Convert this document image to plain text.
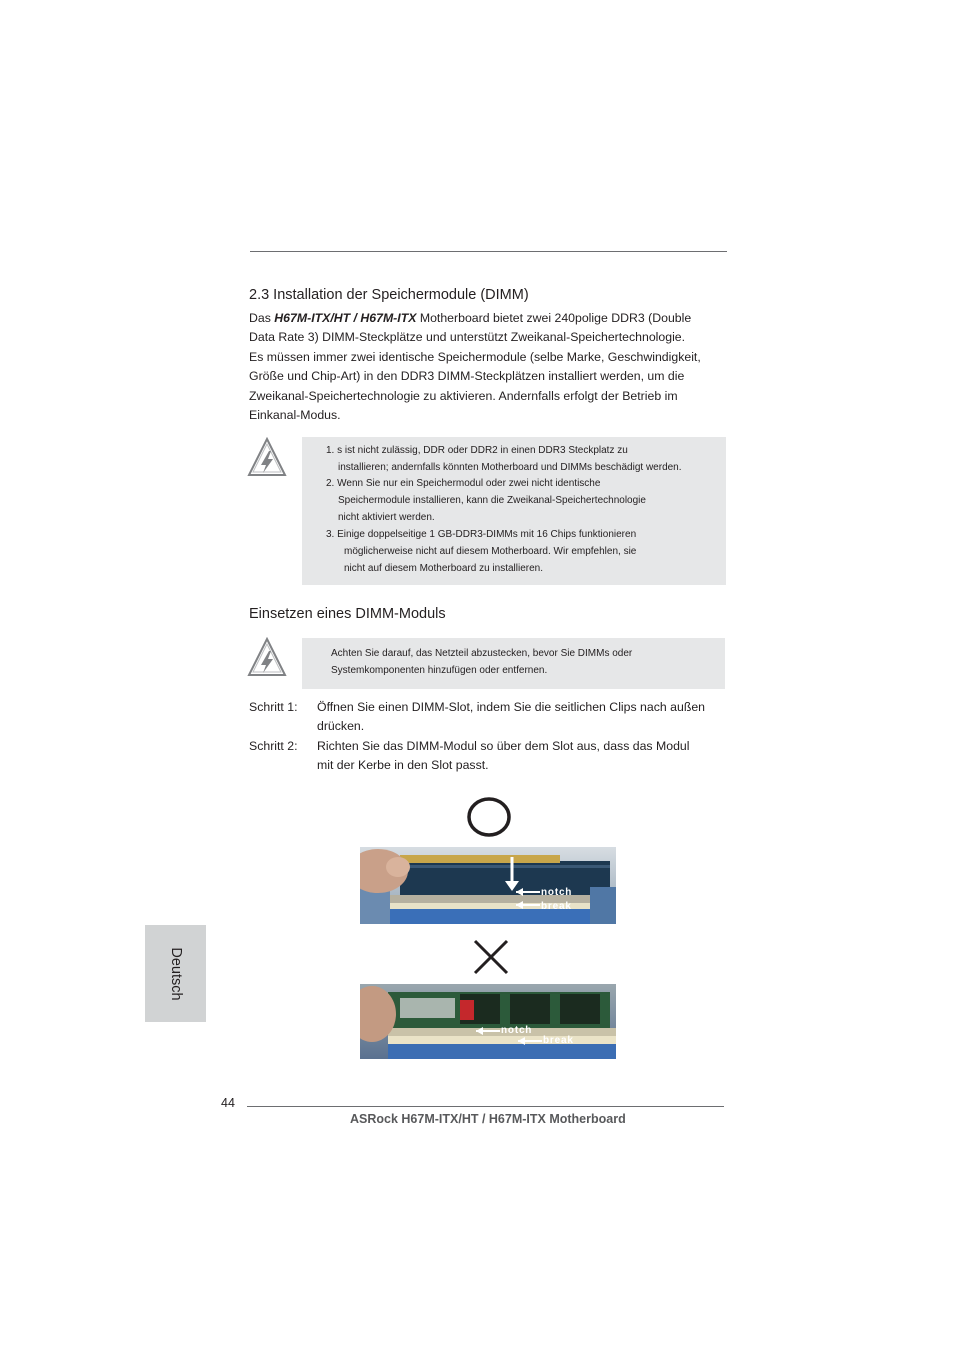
2.3 Installation der Speichermodule (DIMM)
Das H67M-ITX/HT / H67M-ITX Motherboard bietet zwei 240polige DDR3 (Double
Data Rate 3) DIMM-Steckplätze und unterstützt Zweikanal-Speichertechnologie.
Es müssen immer zwei identische Speichermodule (selbe Marke, Geschwindigkeit,
Größe und Chip-Art) in den DDR3 DIMM-Steckplätzen installiert werden, um die
Zweikanal-Speichertechnologie zu aktivieren. Andernfalls erfolgt der Betrieb im
Einkanal-Modus.
1. s ist nicht zulässig, DDR oder DDR2 in einen DDR3 Steckplatz zu
installieren; andernfalls könnten Motherboard und DIMMs beschädigt werden.
2. Wenn Sie nur ein Speichermodul oder zwei nicht identische
Speichermodule installieren, kann die Zweikanal-Speichertechnologie
nicht aktiviert werden.
3. Einige doppelseitige 1 GB-DDR3-DIMMs mit 16 Chips funktionieren
möglicherweise nicht auf diesem Motherboard. Wir empfehlen, sie
nicht auf diesem Motherboard zu installieren.
Einsetzen eines DIMM-Moduls
Achten Sie darauf, das Netzteil abzustecken, bevor Sie DIMMs oder
Systemkomponenten hinzufügen oder entfernen.
Schritt 1: Öffnen Sie einen DIMM-Slot, indem Sie die seitlichen Clips nach außen
drücken.
Schritt 2: Richten Sie das DIMM-Modul so über dem Slot aus, dass das Modul
mit der Kerbe in den Slot passt.
notch
break
notch
break
Deutsch
44
ASRock H67M-ITX/HT / H67M-ITX Motherboard
